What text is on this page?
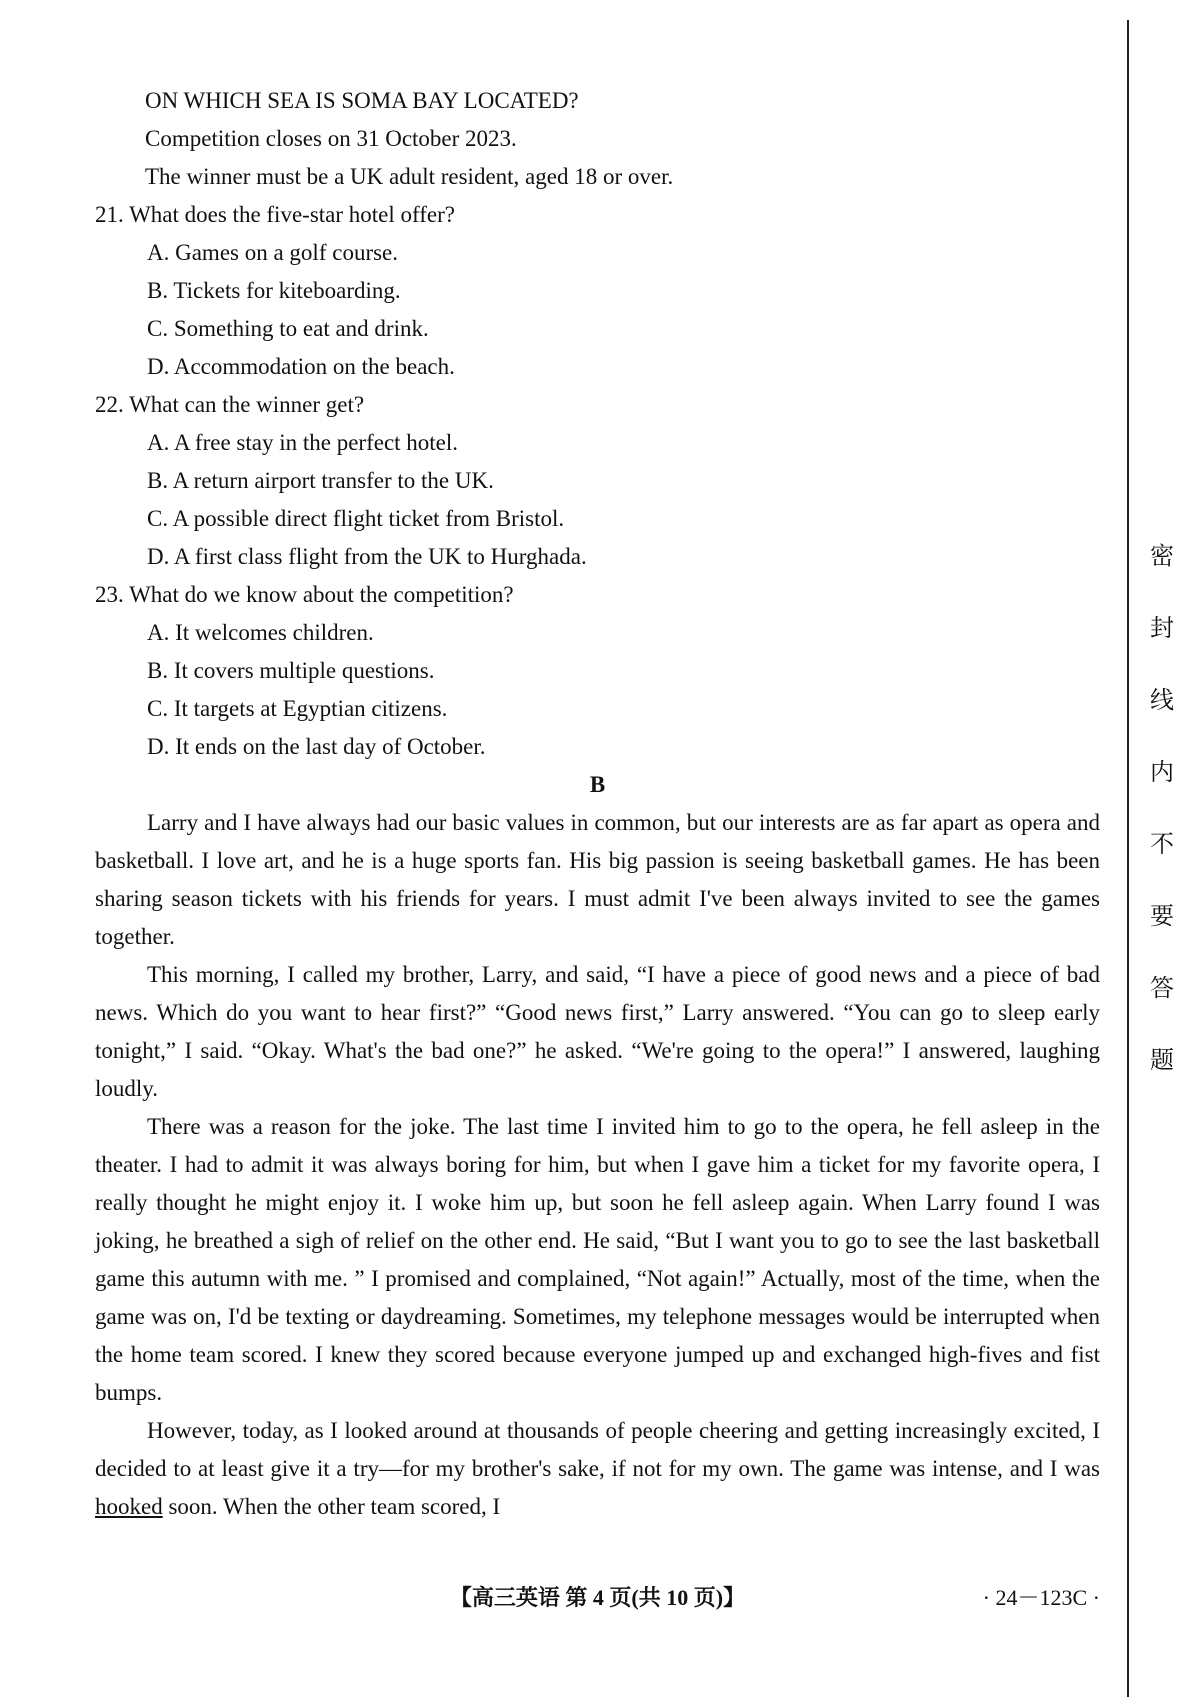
ON WHICH SEA IS SOMA BAY LOCATED?
Competition closes on 31 October 2023.
The winner must be a UK adult resident, aged 18 or over.
21. What does the five-star hotel offer?
A. Games on a golf course.
B. Tickets for kiteboarding.
C. Something to eat and drink.
D. Accommodation on the beach.
22. What can the winner get?
A. A free stay in the perfect hotel.
B. A return airport transfer to the UK.
C. A possible direct flight ticket from Bristol.
D. A first class flight from the UK to Hurghada.
23. What do we know about the competition?
A. It welcomes children.
B. It covers multiple questions.
C. It targets at Egyptian citizens.
D. It ends on the last day of October.
B

Larry and I have always had our basic values in common, but our interests are as far apart as opera and basketball. I love art, and he is a huge sports fan. His big passion is seeing basketball games. He has been sharing season tickets with his friends for years. I must admit I've been always invited to see the games together.

This morning, I called my brother, Larry, and said, “I have a piece of good news and a piece of bad news. Which do you want to hear first?” “Good news first,” Larry answered. “You can go to sleep early tonight,” I said. “Okay. What's the bad one?” he asked. “We're going to the opera!” I answered, laughing loudly.

There was a reason for the joke. The last time I invited him to go to the opera, he fell asleep in the theater. I had to admit it was always boring for him, but when I gave him a ticket for my favorite opera, I really thought he might enjoy it. I woke him up, but soon he fell asleep again. When Larry found I was joking, he breathed a sigh of relief on the other end. He said, “But I want you to go to see the last basketball game this autumn with me. ” I promised and complained, “Not again!” Actually, most of the time, when the game was on, I'd be texting or daydreaming. Sometimes, my telephone messages would be interrupted when the home team scored. I knew they scored because everyone jumped up and exchanged high-fives and fist bumps.

However, today, as I looked around at thousands of people cheering and getting increasingly excited, I decided to at least give it a try—for my brother's sake, if not for my own. The game was intense, and I was hooked soon. When the other team scored, I

【高三英语 第 4 页(共 10 页)】	· 24－123C ·
密
封
线
内
不
要
答
题
